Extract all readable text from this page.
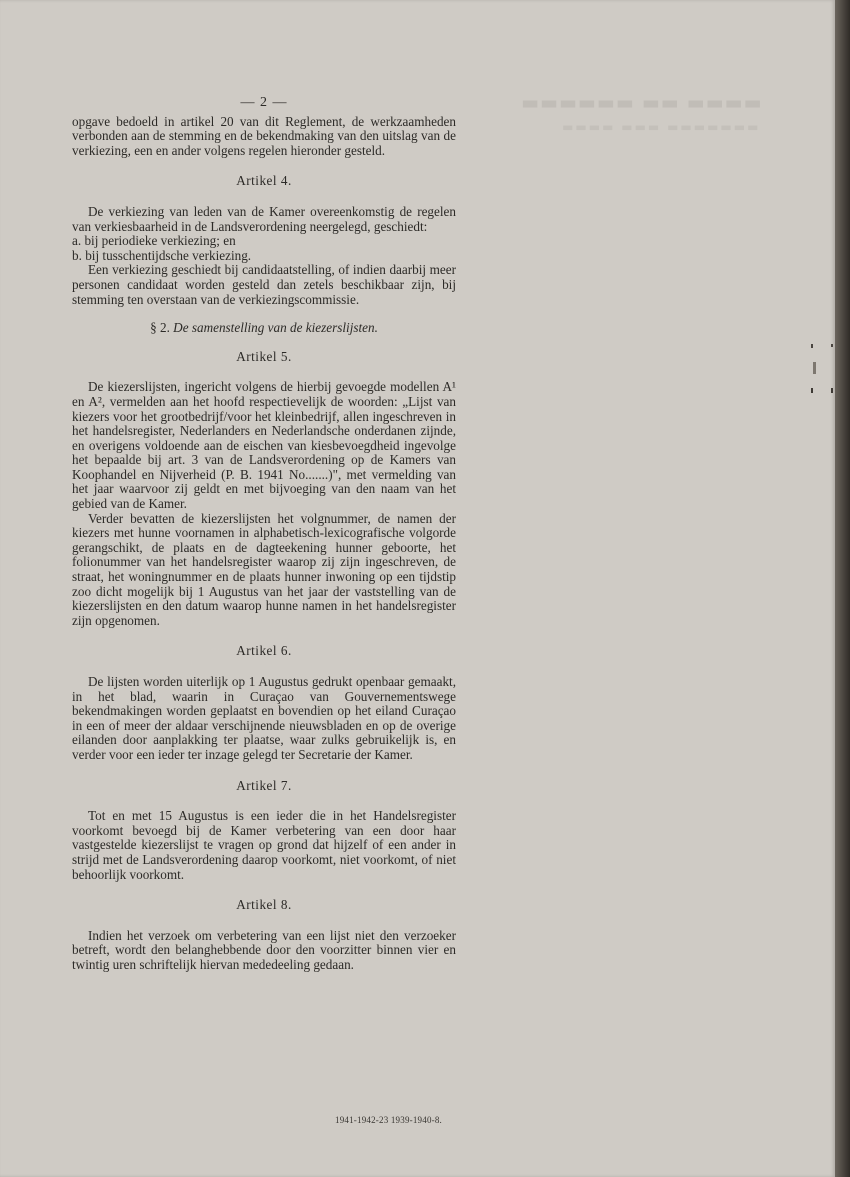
▬▬▬▬ ▬▬ ▬▬▬▬▬▬
▬▬▬▬▬▬▬ ▬▬▬ ▬▬▬▬

— 2 —

opgave bedoeld in artikel 20 van dit Reglement, de werkzaamheden verbonden aan de stemming en de bekendmaking van den uitslag van de verkiezing, een en ander volgens regelen hieronder gesteld.

Artikel 4.

De verkiezing van leden van de Kamer overeenkomstig de regelen van verkiesbaarheid in de Landsverordening neergelegd, geschiedt:

a. bij periodieke verkiezing; en

b. bij tusschentijdsche verkiezing.

Een verkiezing geschiedt bij candidaatstelling, of indien daarbij meer personen candidaat worden gesteld dan zetels beschikbaar zijn, bij stemming ten overstaan van de verkiezingscommissie.

§ 2. De samenstelling van de kiezerslijsten.

Artikel 5.

De kiezerslijsten, ingericht volgens de hierbij gevoegde modellen A¹ en A², vermelden aan het hoofd respectievelijk de woorden: „Lijst van kiezers voor het grootbedrijf/voor het kleinbedrijf, allen ingeschreven in het handelsregister, Nederlanders en Nederlandsche onderdanen zijnde, en overigens voldoende aan de eischen van kiesbevoegdheid ingevolge het bepaalde bij art. 3 van de Landsverordening op de Kamers van Koophandel en Nijverheid (P. B. 1941 No.......)", met vermelding van het jaar waarvoor zij geldt en met bijvoeging van den naam van het gebied van de Kamer.

Verder bevatten de kiezerslijsten het volgnummer, de namen der kiezers met hunne voornamen in alphabetisch-lexicografische volgorde gerangschikt, de plaats en de dagteekening hunner geboorte, het folionummer van het handelsregister waarop zij zijn ingeschreven, de straat, het woningnummer en de plaats hunner inwoning op een tijdstip zoo dicht mogelijk bij 1 Augustus van het jaar der vaststelling van de kiezerslijsten en den datum waarop hunne namen in het handelsregister zijn opgenomen.

Artikel 6.

De lijsten worden uiterlijk op 1 Augustus gedrukt openbaar gemaakt, in het blad, waarin in Curaçao van Gouvernementswege bekendmakingen worden geplaatst en bovendien op het eiland Curaçao in een of meer der aldaar verschijnende nieuwsbladen en op de overige eilanden door aanplakking ter plaatse, waar zulks gebruikelijk is, en verder voor een ieder ter inzage gelegd ter Secretarie der Kamer.

Artikel 7.

Tot en met 15 Augustus is een ieder die in het Handelsregister voorkomt bevoegd bij de Kamer verbetering van een door haar vastgestelde kiezerslijst te vragen op grond dat hijzelf of een ander in strijd met de Landsverordening daarop voorkomt, niet voorkomt, of niet behoorlijk voorkomt.

Artikel 8.

Indien het verzoek om verbetering van een lijst niet den verzoeker betreft, wordt den belanghebbende door den voorzitter binnen vier en twintig uren schriftelijk hiervan mededeeling gedaan.

1941-1942-23 1939-1940-8.
